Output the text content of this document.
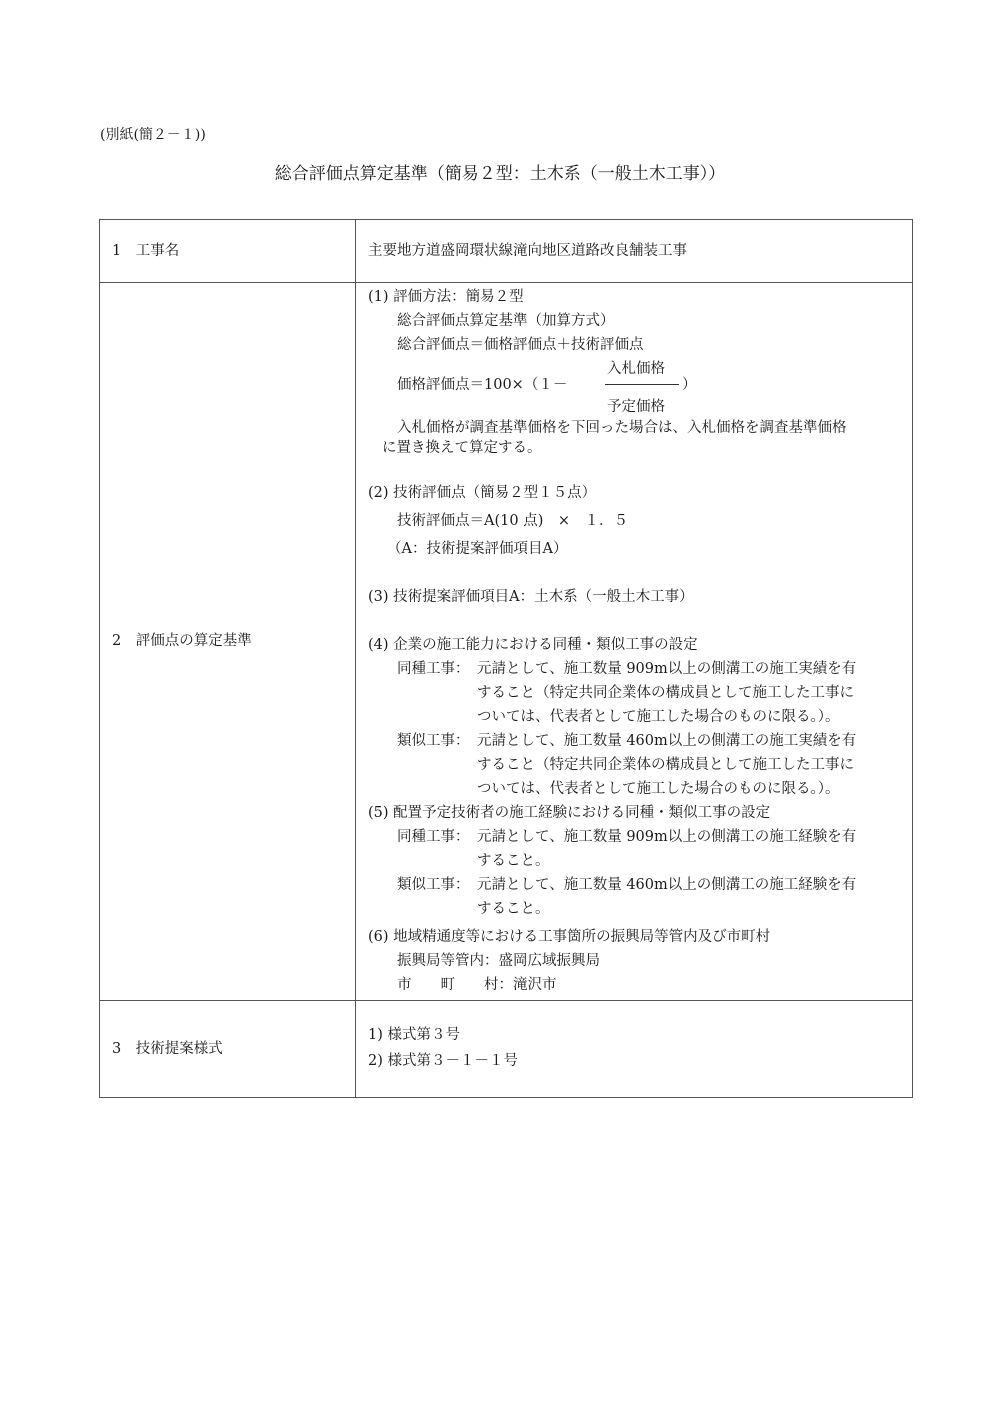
(別紙(簡２－１))
総合評価点算定基準（簡易２型：土木系（一般土木工事））
1　工事名	主要地方道盛岡環状線滝向地区道路改良舗装工事
2　評価点の算定基準
(1) 評価方法：簡易２型
総合評価点算定基準（加算方式）
総合評価点＝価格評価点＋技術評価点
入札価格
価格評価点＝100×（１－	）
予定価格
入札価格が調査基準価格を下回った場合は、入札価格を調査基準価格
に置き換えて算定する。
(2) 技術評価点（簡易２型１５点）
技術評価点＝A(10 点)　×　１．５
（A：技術提案評価項目A）
(3) 技術提案評価項目A：土木系（一般土木工事）
(4) 企業の施工能力における同種・類似工事の設定
同種工事： 元請として、施工数量 909m以上の側溝工の施工実績を有
すること（特定共同企業体の構成員として施工した工事に
ついては、代表者として施工した場合のものに限る。）。
類似工事： 元請として、施工数量 460m以上の側溝工の施工実績を有
すること（特定共同企業体の構成員として施工した工事に
ついては、代表者として施工した場合のものに限る。）。
(5) 配置予定技術者の施工経験における同種・類似工事の設定
同種工事： 元請として、施工数量 909m以上の側溝工の施工経験を有
すること。
類似工事： 元請として、施工数量 460m以上の側溝工の施工経験を有
すること。
(6) 地域精通度等における工事箇所の振興局等管内及び市町村
振興局等管内：盛岡広域振興局
市　　町　　村：滝沢市
3　技術提案様式
1) 様式第３号
2) 様式第３－１－１号
